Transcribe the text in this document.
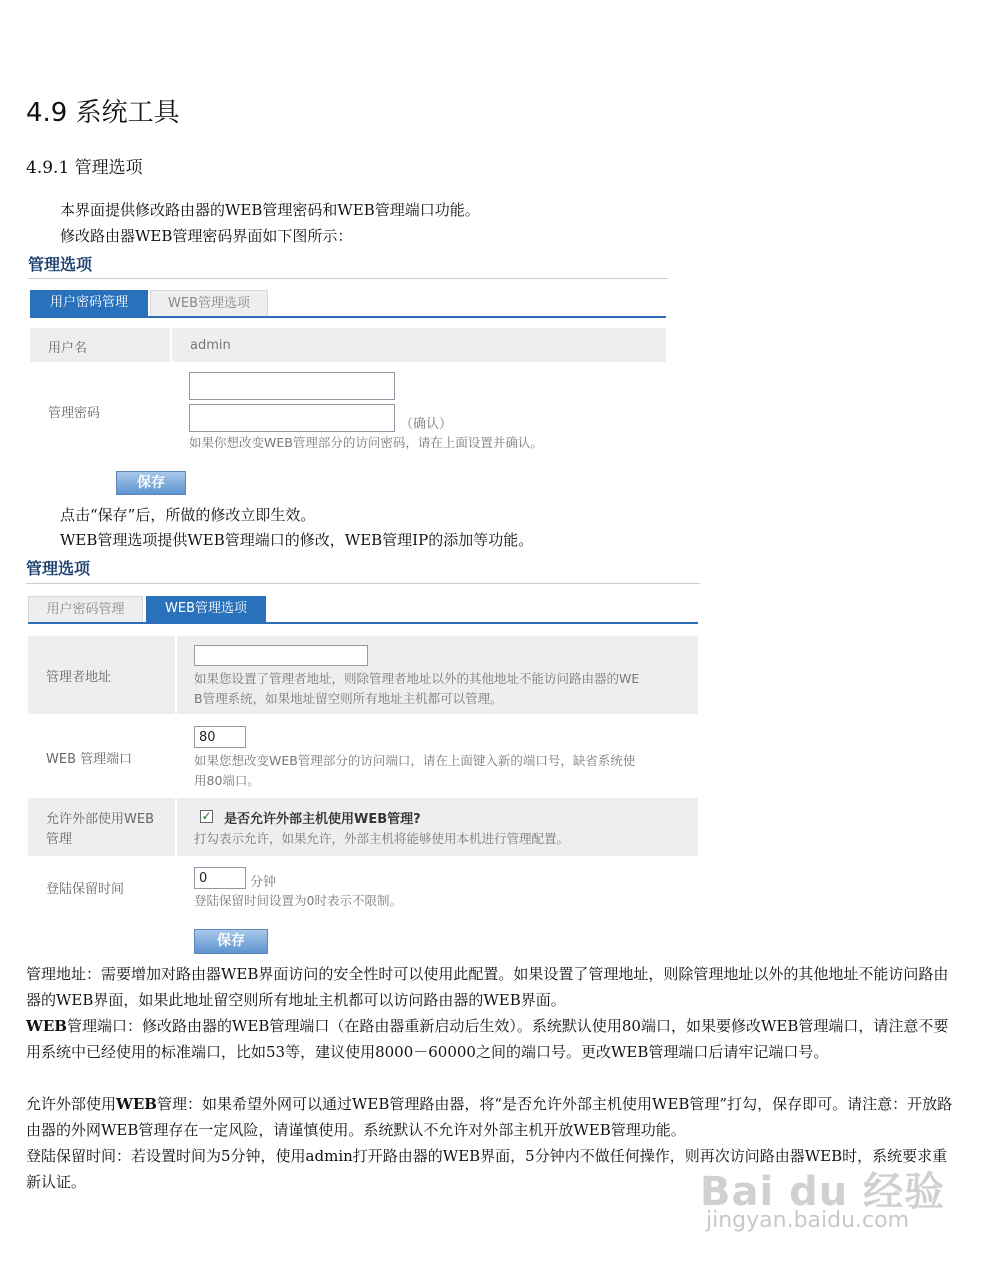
4.9 系统工具
4.9.1 管理选项
本界面提供修改路由器的WEB管理密码和WEB管理端口功能。
修改路由器WEB管理密码界面如下图所示：
管理选项
用户密码管理	WEB管理选项
用户名	admin
管理密码
（确认）
如果你想改变WEB管理部分的访问密码，请在上面设置并确认。
保存
点击“保存”后，所做的修改立即生效。
WEB管理选项提供WEB管理端口的修改，WEB管理IP的添加等功能。
管理选项
用户密码管理	WEB管理选项
管理者地址	如果您设置了管理者地址，则除管理者地址以外的其他地址不能访问路由器的WE
B管理系统，如果地址留空则所有地址主机都可以管理。
WEB 管理端口
80	如果您想改变WEB管理部分的访问端口，请在上面键入新的端口号，缺省系统使
用80端口。
允许外部使用WEB
管理
✓ 是否允许外部主机使用WEB管理?
打勾表示允许，如果允许，外部主机将能够使用本机进行管理配置。
登陆保留时间
0	分钟
登陆保留时间设置为0时表示不限制。
保存
管理地址：需要增加对路由器WEB界面访问的安全性时可以使用此配置。如果设置了管理地址，则除管理地址以外的其他地址不能访问路由器的WEB界面，如果此地址留空则所有地址主机都可以访问路由器的WEB界面。
WEB管理端口：修改路由器的WEB管理端口（在路由器重新启动后生效）。系统默认使用80端口，如果要修改WEB管理端口，请注意不要用系统中已经使用的标准端口，比如53等，建议使用8000－60000之间的端口号。更改WEB管理端口后请牢记端口号。
允许外部使用WEB管理：如果希望外网可以通过WEB管理路由器，将“是否允许外部主机使用WEB管理”打勾，保存即可。请注意：开放路由器的外网WEB管理存在一定风险，请谨慎使用。系统默认不允许对外部主机开放WEB管理功能。
登陆保留时间：若设置时间为5分钟，使用admin打开路由器的WEB界面，5分钟内不做任何操作，则再次访问路由器WEB时，系统要求重新认证。	Bai du 经验
jingyan.baidu.com
